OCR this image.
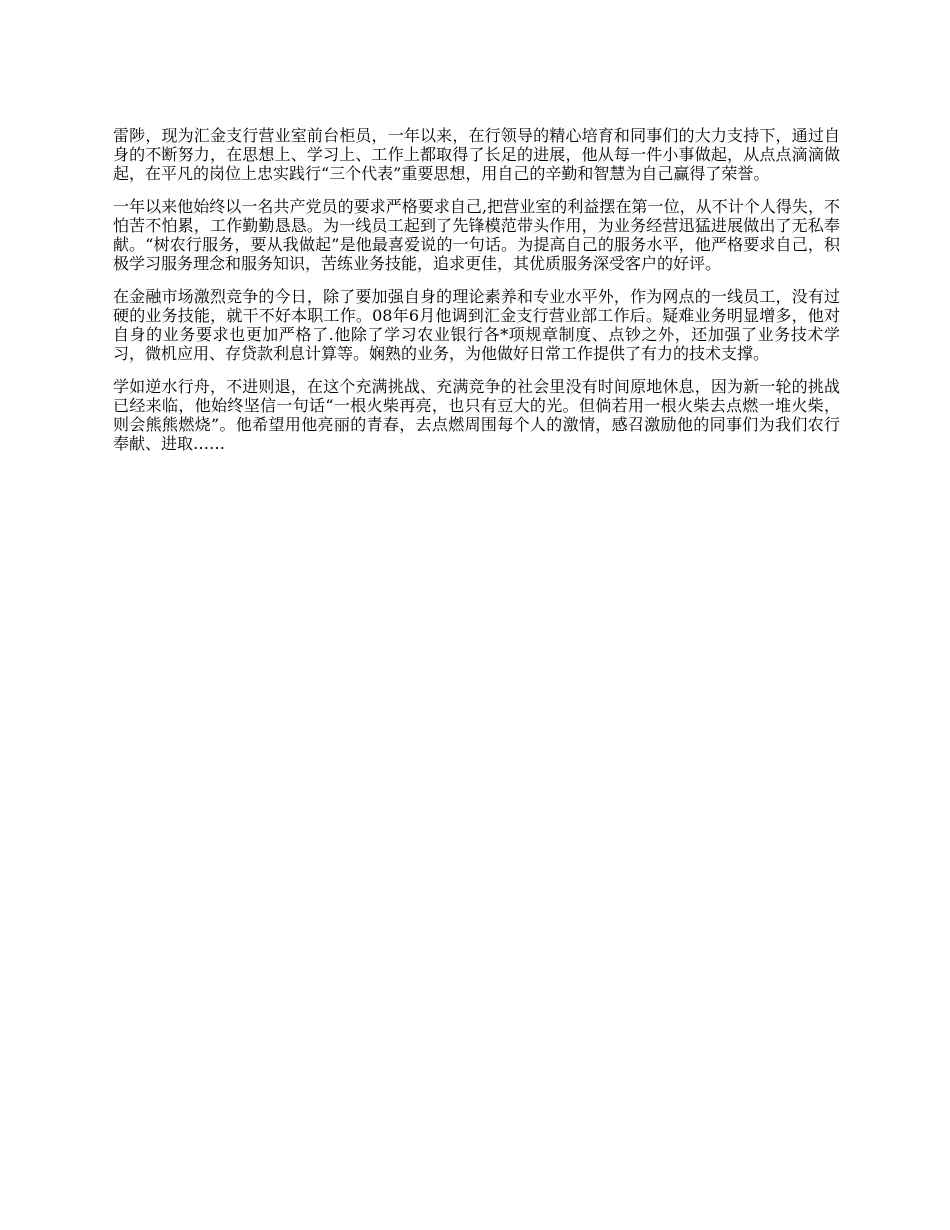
雷陟，现为汇金支行营业室前台柜员，一年以来，在行领导的精心培育和同事们的大力支持下，通过自身的不断努力，在思想上、学习上、工作上都取得了长足的进展，他从每一件小事做起，从点点滴滴做起，在平凡的岗位上忠实践行“三个代表”重要思想，用自己的辛勤和智慧为自己赢得了荣誉。

一年以来他始终以一名共产党员的要求严格要求自己,把营业室的利益摆在第一位，从不计个人得失，不怕苦不怕累，工作勤勤恳恳。为一线员工起到了先锋模范带头作用，为业务经营迅猛进展做出了无私奉献。“树农行服务，要从我做起”是他最喜爱说的一句话。为提高自己的服务水平，他严格要求自己，积极学习服务理念和服务知识，苦练业务技能，追求更佳，其优质服务深受客户的好评。

在金融市场激烈竞争的今日，除了要加强自身的理论素养和专业水平外，作为网点的一线员工，没有过硬的业务技能，就干不好本职工作。08年6月他调到汇金支行营业部工作后。疑难业务明显增多，他对自身的业务要求也更加严格了.他除了学习农业银行各*项规章制度、点钞之外，还加强了业务技术学习，微机应用、存贷款利息计算等。娴熟的业务，为他做好日常工作提供了有力的技术支撑。

学如逆水行舟，不进则退，在这个充满挑战、充满竞争的社会里没有时间原地休息，因为新一轮的挑战已经来临，他始终坚信一句话“一根火柴再亮，也只有豆大的光。但倘若用一根火柴去点燃一堆火柴，则会熊熊燃烧”。他希望用他亮丽的青春，去点燃周围每个人的激情，感召激励他的同事们为我们农行奉献、进取……
